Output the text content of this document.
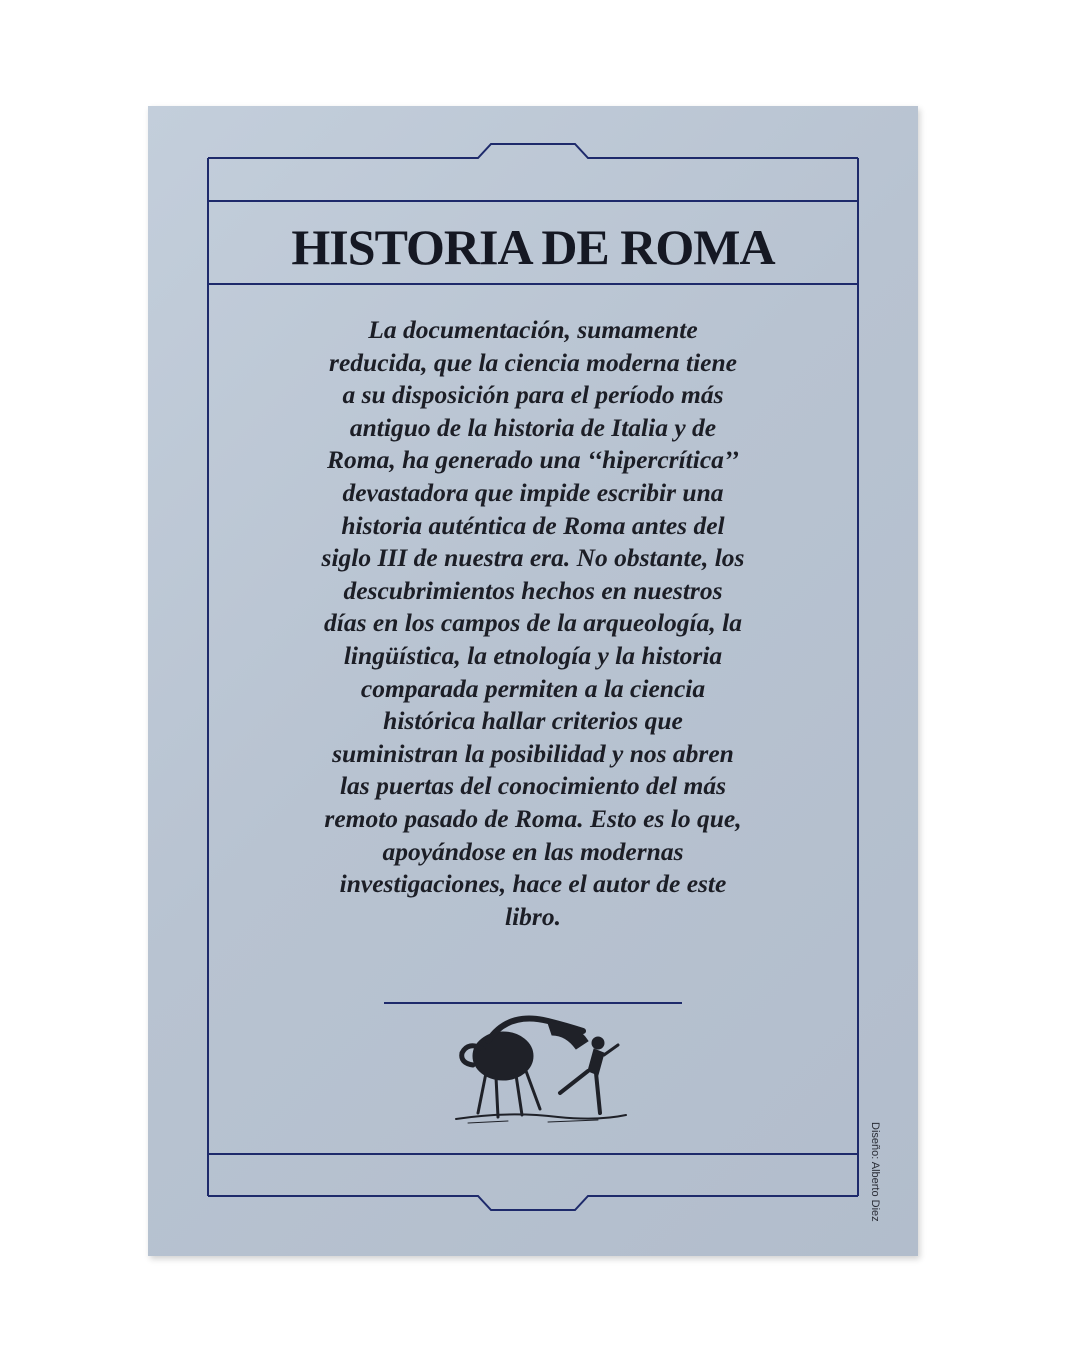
HISTORIA DE ROMA

La documentación, sumamente
reducida, que la ciencia moderna tiene
a su disposición para el período más
antiguo de la historia de Italia y de
Roma, ha generado una ‘‘hipercrítica’’
devastadora que impide escribir una
historia auténtica de Roma antes del
siglo III de nuestra era. No obstante, los
descubrimientos hechos en nuestros
días en los campos de la arqueología, la
lingüística, la etnología y la historia
comparada permiten a la ciencia
histórica hallar criterios que
suministran la posibilidad y nos abren
las puertas del conocimiento del más
remoto pasado de Roma. Esto es lo que,
apoyándose en las modernas
investigaciones, hace el autor de este
libro.

Diseño: Alberto Diez
